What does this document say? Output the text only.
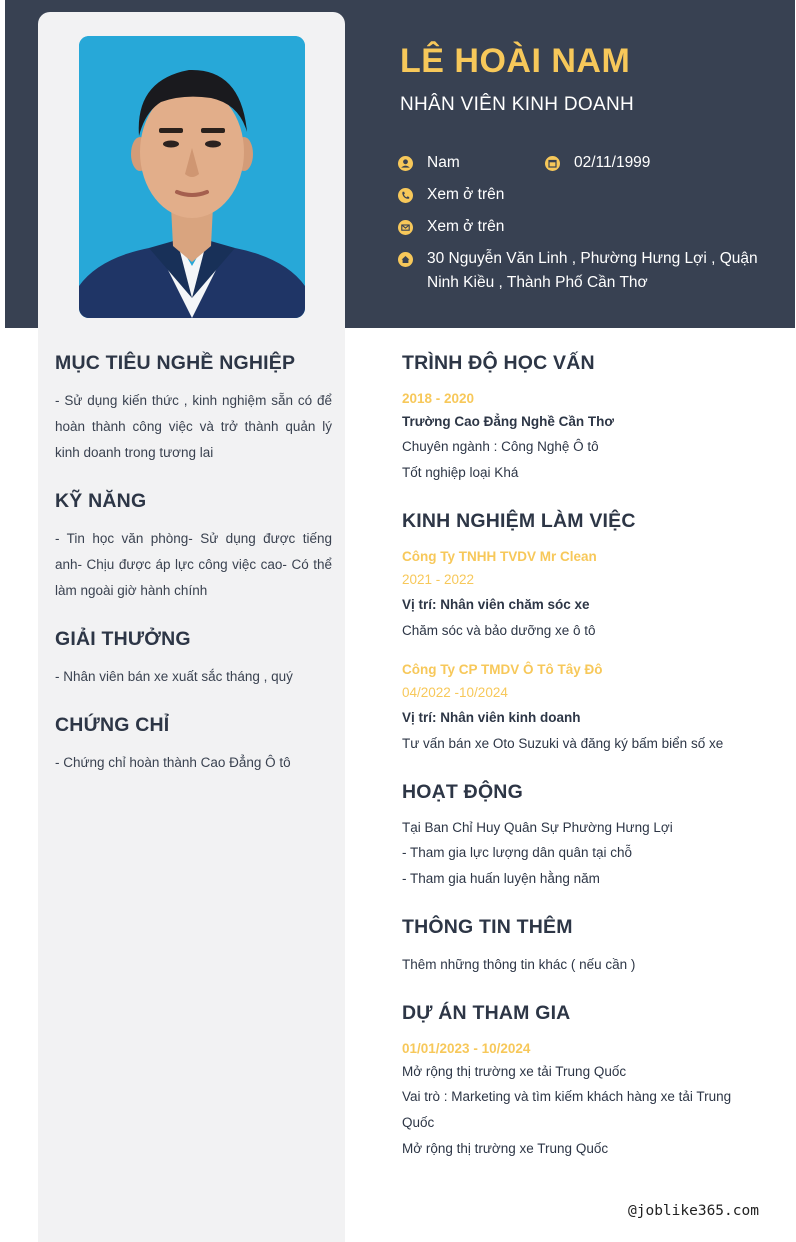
LÊ HOÀI NAM
NHÂN VIÊN KINH DOANH
Nam	02/11/1999
Xem ở trên
Xem ở trên
30 Nguyễn Văn Linh , Phường Hưng Lợi , Quận
Ninh Kiều , Thành Phố Cần Thơ
MỤC TIÊU NGHỀ NGHIỆP
- Sử dụng kiến thức , kinh nghiệm sẵn có để hoàn thành công việc và trở thành quản lý kinh doanh trong tương lai
KỸ NĂNG
- Tin học văn phòng- Sử dụng được tiếng anh- Chịu được áp lực công việc cao- Có thể làm ngoài giờ hành chính
GIẢI THƯỞNG
- Nhân viên bán xe xuất sắc tháng , quý
CHỨNG CHỈ
- Chứng chỉ hoàn thành Cao Đẳng Ô tô
TRÌNH ĐỘ HỌC VẤN
2018 - 2020
Trường Cao Đẳng Nghề Cần Thơ
Chuyên ngành : Công Nghệ Ô tô
Tốt nghiệp loại Khá
KINH NGHIỆM LÀM VIỆC
Công Ty TNHH TVDV Mr Clean
2021 - 2022
Vị trí: Nhân viên chăm sóc xe
Chăm sóc và bảo dưỡng xe ô tô
Công Ty CP TMDV Ô Tô Tây Đô
04/2022 -10/2024
Vị trí: Nhân viên kinh doanh
Tư vấn bán xe Oto Suzuki và đăng ký bấm biển số xe
HOẠT ĐỘNG
Tại Ban Chỉ Huy Quân Sự Phường Hưng Lợi
- Tham gia lực lượng dân quân tại chỗ
- Tham gia huấn luyện hằng năm
THÔNG TIN THÊM
Thêm những thông tin khác ( nếu cần )
DỰ ÁN THAM GIA
01/01/2023 - 10/2024
Mở rộng thị trường xe tải Trung Quốc
Vai trò : Marketing và tìm kiếm khách hàng xe tải Trung
Quốc
Mở rộng thị trường xe Trung Quốc
@joblike365.com
